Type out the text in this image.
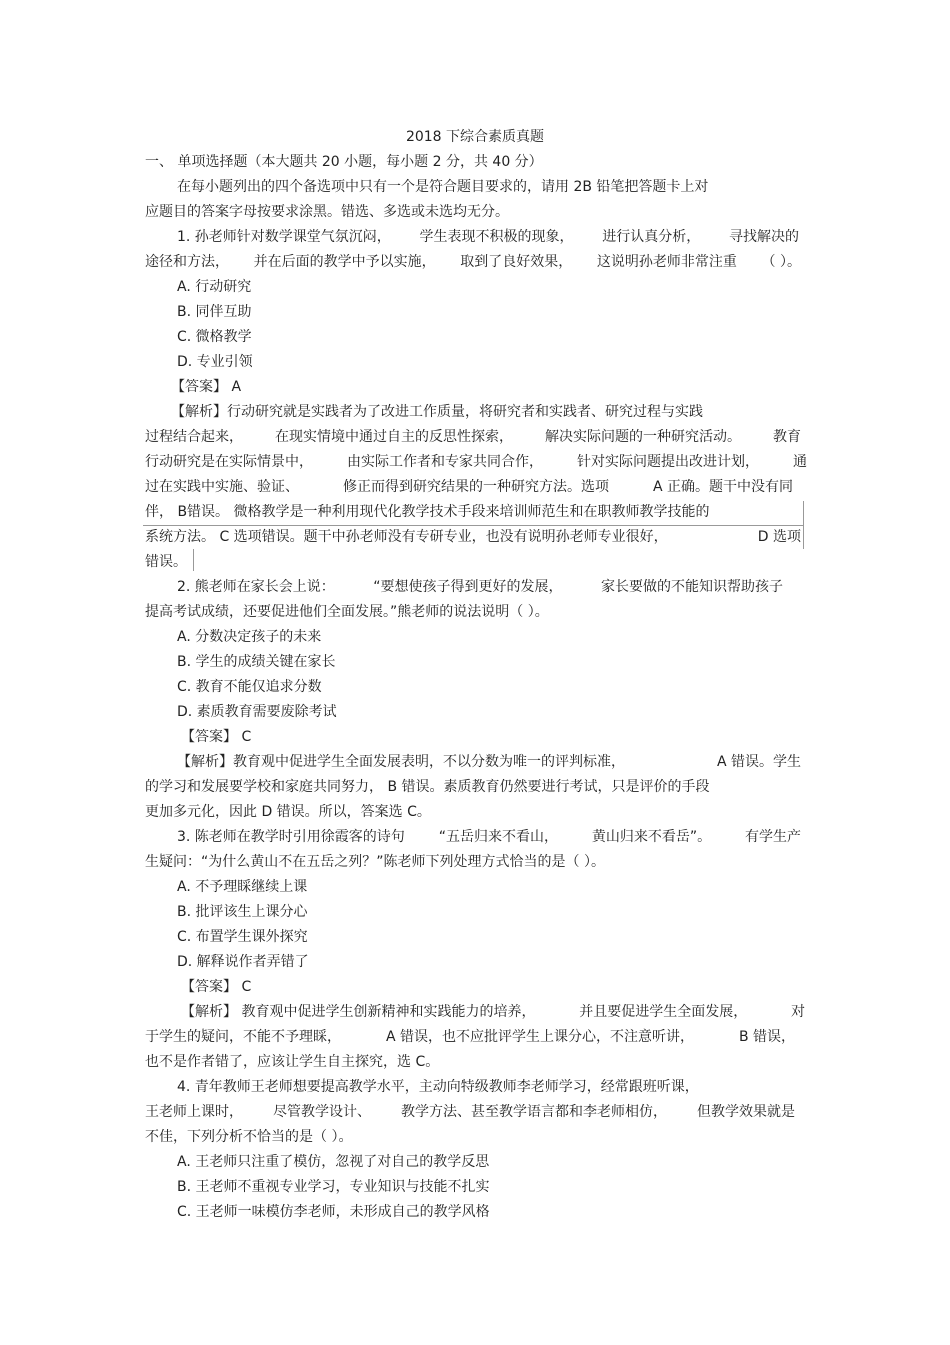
2018 下综合素质真题
一、 单项选择题（本大题共 20 小题，每小题 2 分，共 40 分）
在每小题列出的四个备选项中只有一个是符合题目要求的，请用 2B 铅笔把答题卡上对
应题目的答案字母按要求涂黑。错选、多选或未选均无分。
1. 孙老师针对数学课堂气氛沉闷， 学生表现不积极的现象， 进行认真分析， 寻找解决的
途径和方法， 并在后面的教学中予以实施， 取到了良好效果， 这说明孙老师非常注重 （ ）。
A. 行动研究
B. 同伴互助
C. 微格教学
D. 专业引领
【答案】 A
【解析】行动研究就是实践者为了改进工作质量，将研究者和实践者、研究过程与实践
过程结合起来， 在现实情境中通过自主的反思性探索， 解决实际问题的一种研究活动。 教育
行动研究是在实际情景中， 由实际工作者和专家共同合作， 针对实际问题提出改进计划， 通
过在实践中实施、验证、	修正而得到研究结果的一种研究方法。选项	A 正确。题干中没有同
伴， B错误。 微格教学是一种利用现代化教学技术手段来培训师范生和在职教师教学技能的
系统方法。 C 选项错误。题干中孙老师没有专研专业，也没有说明孙老师专业很好，	D 选项
错误。
2. 熊老师在家长会上说：	“要想使孩子得到更好的发展，	家长要做的不能知识帮助孩子
提高考试成绩，还要促进他们全面发展。”熊老师的说法说明（ ）。
A. 分数决定孩子的未来
B. 学生的成绩关键在家长
C. 教育不能仅追求分数
D. 素质教育需要废除考试
【答案】 C
【解析】教育观中促进学生全面发展表明，不以分数为唯一的评判标准，	A 错误。学生
的学习和发展要学校和家庭共同努力， B 错误。素质教育仍然要进行考试，只是评价的手段
更加多元化，因此 D 错误。所以，答案选 C。
3. 陈老师在教学时引用徐霞客的诗句 “五岳归来不看山， 黄山归来不看岳”。 有学生产
生疑问：“为什么黄山不在五岳之列？”陈老师下列处理方式恰当的是（ ）。
A. 不予理睬继续上课
B. 批评该生上课分心
C. 布置学生课外探究
D. 解释说作者弄错了
【答案】 C
【解析】 教育观中促进学生创新精神和实践能力的培养，	并且要促进学生全面发展，	对
于学生的疑问，不能不予理睬，	A 错误，也不应批评学生上课分心，不注意听讲，	B 错误，
也不是作者错了，应该让学生自主探究，选 C。
4. 青年教师王老师想要提高教学水平，主动向特级教师李老师学习，经常跟班听课，
王老师上课时， 尽管教学设计、 教学方法、甚至教学语言都和李老师相仿， 但教学效果就是
不佳，下列分析不恰当的是（ ）。
A. 王老师只注重了模仿，忽视了对自己的教学反思
B. 王老师不重视专业学习，专业知识与技能不扎实
C. 王老师一味模仿李老师，未形成自己的教学风格
